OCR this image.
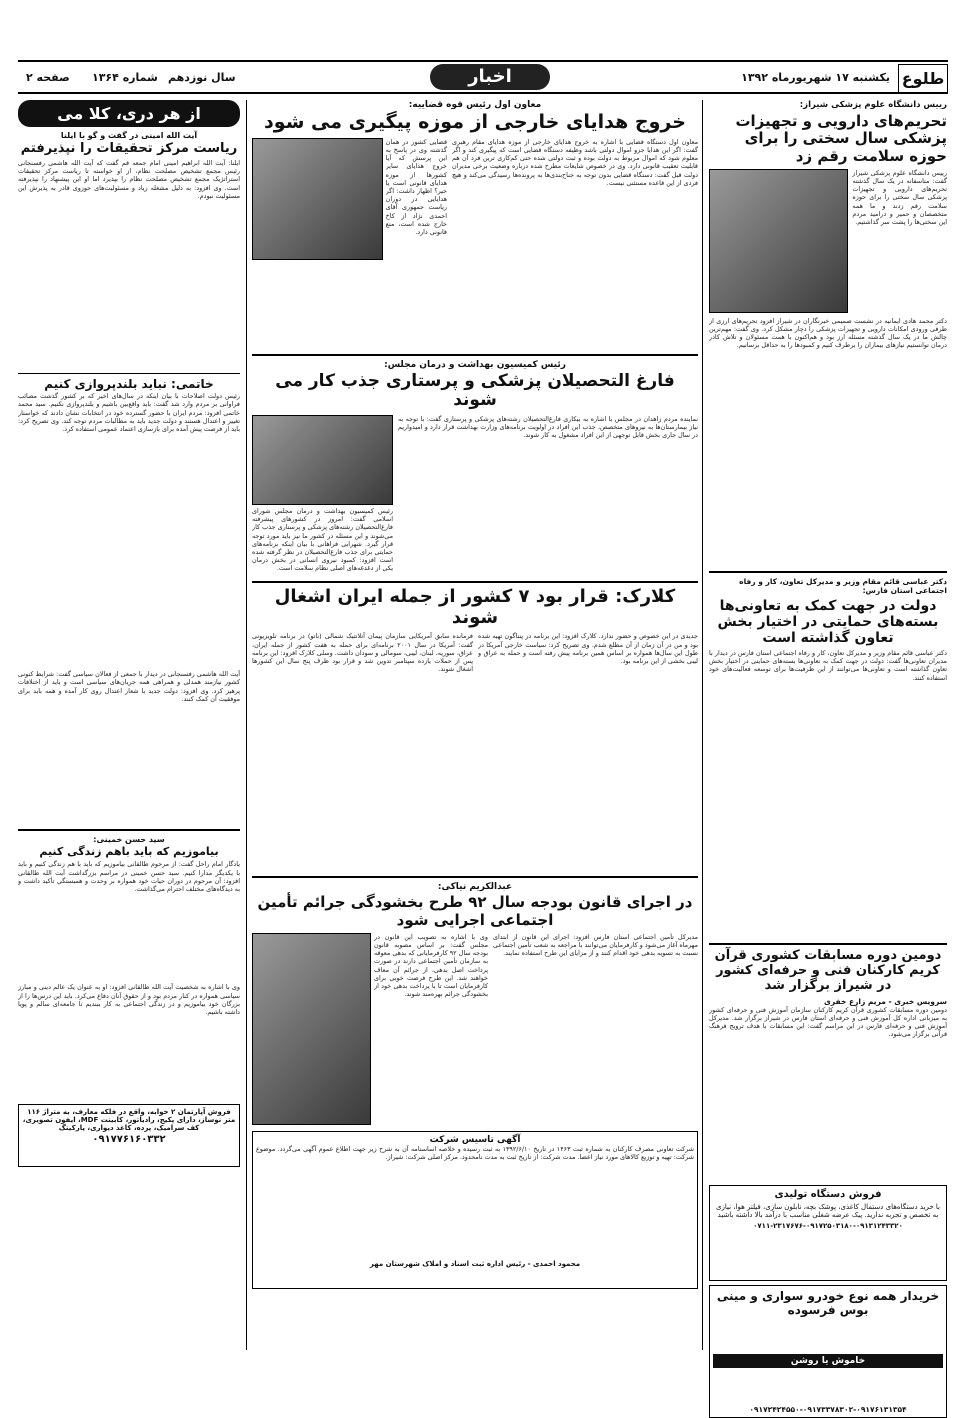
طلوع
یکشنبه ۱۷ شهریورماه ۱۳۹۲
اخبار
سال نوزدهم
شماره ۱۳۶۴
صفحه ۲
رییس دانشگاه علوم پزشکی شیراز:
تحریم‌های دارویی و تجهیزات پزشکی سال سختی را برای حوزه سلامت رقم زد
رییس دانشگاه علوم پزشکی شیراز گفت: متاسفانه در یک سال گذشته تحریم‌های دارویی و تجهیزات پزشکی سال سختی را برای حوزه سلامت رقم زدند و ما همه متخصصان و حمیر و درامید مردم این سختی‌ها را پشت سر گذاشتیم.
دکتر محمد هادی ایمانیه در نشست صمیمی خبرنگاران در شیراز افزود تحریم‌های ارزی از طرفی ورودی امکانات دارویی و تجهیزات پزشکی را دچار مشکل کرد. وی گفت: مهم‌ترین چالش ما در یک سال گذشته مسئله ارز بود و هم‌اکنون با همت مسئولان و تلاش کادر درمان توانستیم نیازهای بیماران را برطرف کنیم و کمبودها را به حداقل برسانیم.
دکتر عباسی قائم مقام وزیر و مدیرکل تعاون، کار و رفاه اجتماعی استان فارس:
دولت در جهت کمک به تعاونی‌ها بسته‌های حمایتی در اختیار بخش تعاون گذاشته است
دکتر عباسی قائم مقام وزیر و مدیرکل تعاون، کار و رفاه اجتماعی استان فارس در دیدار با مدیران تعاونی‌ها گفت: دولت در جهت کمک به تعاونی‌ها بسته‌های حمایتی در اختیار بخش تعاون گذاشته است و تعاونی‌ها می‌توانند از این ظرفیت‌ها برای توسعه فعالیت‌های خود استفاده کنند.
دومین دوره مسابقات کشوری قرآن کریم کارکنان فنی و حرفه‌ای کشور در شیراز برگزار شد
سرویس خبری - مریم زارع خفری
دومین دوره مسابقات کشوری قرآن کریم کارکنان سازمان آموزش فنی و حرفه‌ای کشور به میزبانی اداره کل آموزش فنی و حرفه‌ای استان فارس در شیراز برگزار شد. مدیرکل آموزش فنی و حرفه‌ای فارس در این مراسم گفت: این مسابقات با هدف ترویج فرهنگ قرآنی برگزار می‌شود.
فروش دستگاه تولیدی
با خرید دستگاه‌های دستمال کاغذی، پوشک بچه، نابلون سازی، فیلتر هوا، نیازی به تخصص و تجربه ندارید. پیک عرضه شغلی مناسب با درآمد بالا داشته باشید
۰۷۱۱-۲۳۱۷۶۷۶-۰۹۱۷۲۵۰۳۱۸۰-۰۹۱۳۱۲۴۳۳۲۰
خریدار همه نوع خودرو سواری و مینی بوس فرسوده
خاموش یا روشن
۰۹۱۷۲۴۲۴۵۵۰-۰۹۱۷۳۳۷۸۳۰۲-۰۹۱۷۶۱۳۱۳۵۴
معاون اول رئیس قوه قضاییه:
خروج هدایای خارجی از موزه پیگیری می شود
معاون اول دستگاه قضایی با اشاره به خروج هدایای خارجی از موزه هدایای مقام رهبری گفت: اگر این هدایا جزو اموال دولتی باشد وظیفه دستگاه قضایی است که پیگیری کند و اگر معلوم شود که اموال مربوط به دولت بوده و ثبت دولتی شده حتی کم‌کاری ترین فرد آن هم قابلیت تعقیب قانونی دارد. وی در خصوص شایعات مطرح شده درباره وضعیت برخی مدیران دولت قبل گفت: دستگاه قضایی بدون توجه به جناح‌بندی‌ها به پرونده‌ها رسیدگی می‌کند و هیچ فردی از این قاعده مستثنی نیست.
قضایی کشور در همان گذشته وی در پاسخ به این پرسش که آیا خروج هدایای سایر کشورها از موزه هدایای قانونی است یا خیر؟ اظهار داشت: اگر هدایایی در دوران ریاست جمهوری آقای احمدی نژاد از کاخ خارج شده است، منع قانونی دارد.
رئیس کمیسیون بهداشت و درمان مجلس:
فارغ التحصیلان پزشکی و پرستاری جذب کار می شوند
نماینده مردم زاهدان در مجلس با اشاره به بیکاری فارغ‌التحصیلان رشته‌های پزشکی و پرستاری گفت: با توجه به نیاز بیمارستان‌ها به نیروهای متخصص، جذب این افراد در اولویت برنامه‌های وزارت بهداشت قرار دارد و امیدواریم در سال جاری بخش قابل توجهی از این افراد مشغول به کار شوند.
رئیس کمیسیون بهداشت و درمان مجلس شورای اسلامی گفت: امروز در کشورهای پیشرفته فارغ‌التحصیلان رشته‌های پزشکی و پرستاری جذب کار می‌شوند و این مسئله در کشور ما نیز باید مورد توجه قرار گیرد. شهرابی فراهانی با بیان اینکه برنامه‌های حمایتی برای جذب فارغ‌التحصیلان در نظر گرفته شده است افزود: کمبود نیروی انسانی در بخش درمان یکی از دغدغه‌های اصلی نظام سلامت است.
کلارک: قرار بود ۷ کشور از جمله ایران اشغال شوند
جدیدی در این خصوص و حضور ندارد. کلارک افزود: این برنامه در پنتاگون تهیه شده بود و من در آن زمان از آن مطلع شدم. وی تصریح کرد: سیاست خارجی آمریکا در طول این سال‌ها همواره بر اساس همین برنامه پیش رفته است و حمله به عراق و لیبی بخشی از این برنامه بود.
فرمانده سابق آمریکایی سازمان پیمان آتلانتیک شمالی (ناتو) در برنامه تلویزیونی گفت: آمریکا در سال ۲۰۰۱ برنامه‌ای برای حمله به هفت کشور از جمله ایران، عراق، سوریه، لبنان، لیبی، سومالی و سودان داشت. وسلی کلارک افزود: این برنامه پس از حملات یازده سپتامبر تدوین شد و قرار بود ظرف پنج سال این کشورها اشغال شوند.
عبدالکریم نیاکی:
در اجرای قانون بودجه سال ۹۲ طرح بخشودگی جرائم تأمین اجتماعی اجرایی شود
مدیرکل تأمین اجتماعی استان فارس افزود: اجرای این قانون از ابتدای مهرماه آغاز می‌شود و کارفرمایان می‌توانند با مراجعه به شعب تأمین اجتماعی نسبت به تسویه بدهی خود اقدام کنند و از مزایای این طرح استفاده نمایند.
وی با اشاره به تصویب این قانون در مجلس گفت: بر اساس مصوبه قانون بودجه سال ۹۲ کارفرمایانی که بدهی معوقه به سازمان تأمین اجتماعی دارند در صورت پرداخت اصل بدهی، از جرائم آن معاف خواهند شد. این طرح فرصت خوبی برای کارفرمایان است تا با پرداخت بدهی خود از بخشودگی جرائم بهره‌مند شوند.
آگهی تاسیس شرکت
شرکت تعاونی مصرف کارکنان به شماره ثبت ۱۴۶۳ در تاریخ ۱۳۹۲/۶/۱۰ به ثبت رسیده و خلاصه اساسنامه آن به شرح زیر جهت اطلاع عموم آگهی می‌گردد. موضوع شرکت: تهیه و توزیع کالاهای مورد نیاز اعضا. مدت شرکت: از تاریخ ثبت به مدت نامحدود. مرکز اصلی شرکت: شیراز.
محمود احمدی - رئیس اداره ثبت اسناد و املاک شهرستان مهر
از هر دری، کلا می
آیت الله امینی در گفت و گو با ایلنا
ریاست مرکز تحقیقات را نپذیرفتم
ایلنا: آیت الله ابراهیم امینی امام جمعه قم گفت که آیت الله هاشمی رفسنجانی رئیس مجمع تشخیص مصلحت نظام، از او خواسته تا ریاست مرکز تحقیقات استراتژیک مجمع تشخیص مصلحت نظام را بپذیرد اما او این پیشنهاد را نپذیرفته است. وی افزود: به دلیل مشغله زیاد و مسئولیت‌های حوزوی قادر به پذیرش این مسئولیت نبودم.
خاتمی: نباید بلندپروازی کنیم
رئیس دولت اصلاحات با بیان اینکه در سال‌های اخیر که بر کشور گذشت مصائب فراوانی بر مردم وارد شد گفت: باید واقع‌بین باشیم و بلندپروازی نکنیم. سید محمد خاتمی افزود: مردم ایران با حضور گسترده خود در انتخابات نشان دادند که خواستار تغییر و اعتدال هستند و دولت جدید باید به مطالبات مردم توجه کند. وی تصریح کرد: باید از فرصت پیش آمده برای بازسازی اعتماد عمومی استفاده کرد.
آیت الله هاشمی رفسنجانی در دیدار با جمعی از فعالان سیاسی گفت: شرایط کنونی کشور نیازمند همدلی و همراهی همه جریان‌های سیاسی است و باید از اختلافات پرهیز کرد. وی افزود: دولت جدید با شعار اعتدال روی کار آمده و همه باید برای موفقیت آن کمک کنند.
سید حسن خمینی:
بیاموزیم که باید باهم زندگی کنیم
یادگار امام راحل گفت: از مرحوم طالقانی بیاموزیم که باید با هم زندگی کنیم و باید با یکدیگر مدارا کنیم. سید حسن خمینی در مراسم بزرگداشت آیت الله طالقانی افزود: آن مرحوم در دوران حیات خود همواره بر وحدت و همبستگی تأکید داشت و به دیدگاه‌های مختلف احترام می‌گذاشت.
وی با اشاره به شخصیت آیت الله طالقانی افزود: او به عنوان یک عالم دینی و مبارز سیاسی همواره در کنار مردم بود و از حقوق آنان دفاع می‌کرد. باید این درس‌ها را از بزرگان خود بیاموزیم و در زندگی اجتماعی به کار ببندیم تا جامعه‌ای سالم و پویا داشته باشیم.
فروش آپارتمان ۲ خوابه، واقع در فلکه معارف، به متراژ ۱۱۶ متر نوساز، دارای پکیج، رادیاتور، کابینت MDF، ایفون تصویری، کف سرامیک، پرده، کاغذ دیواری، پارکینگ
۰۹۱۷۷۶۱۶۰۳۳۲
